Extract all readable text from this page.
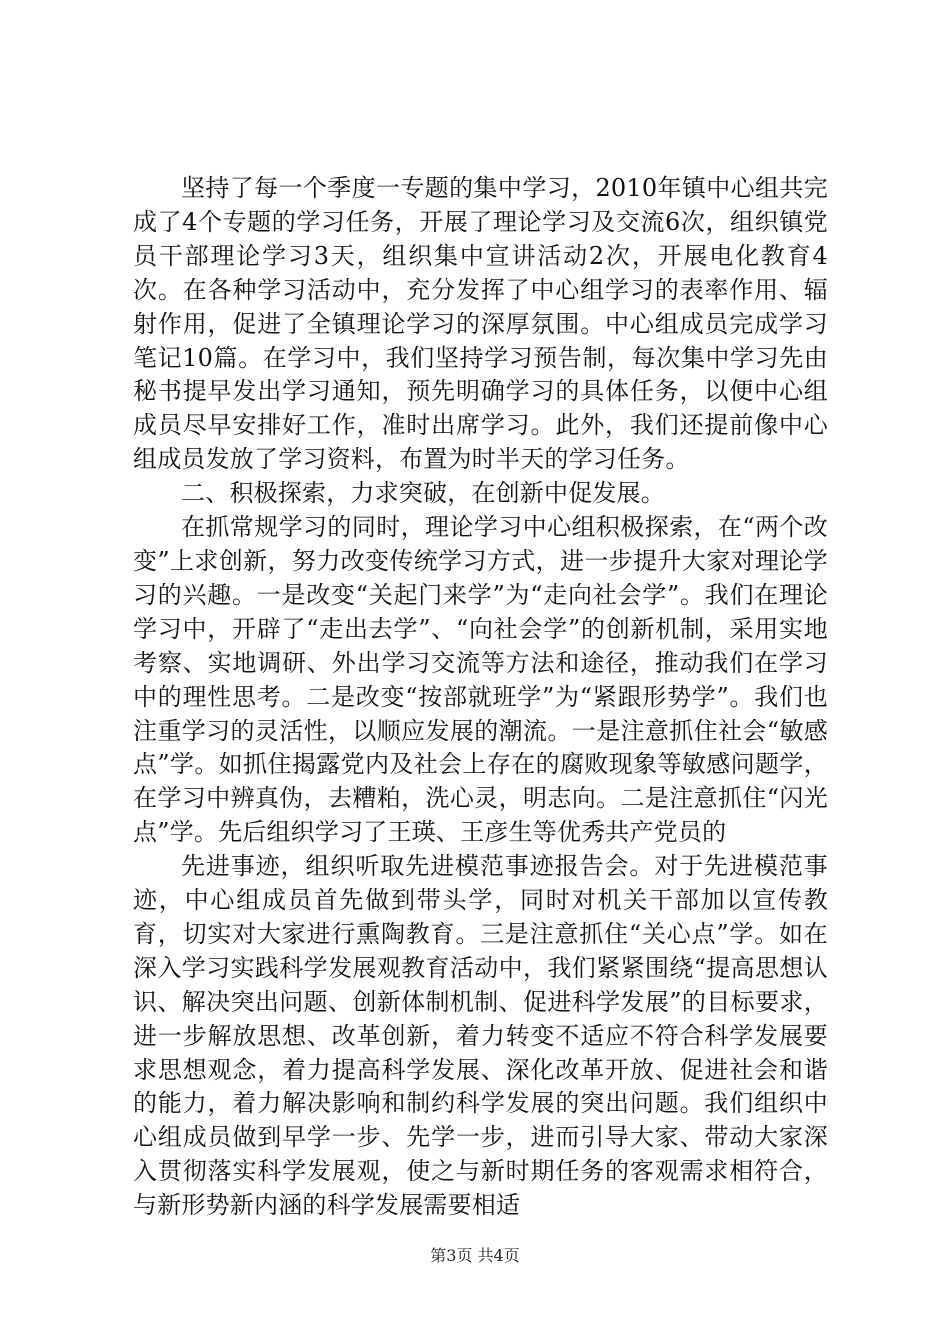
坚持了每一个季度一专题的集中学习，2010年镇中心组共完成了4个专题的学习任务，开展了理论学习及交流6次，组织镇党员干部理论学习3天，组织集中宣讲活动2次，开展电化教育4次。在各种学习活动中，充分发挥了中心组学习的表率作用、辐射作用，促进了全镇理论学习的深厚氛围。中心组成员完成学习笔记10篇。在学习中，我们坚持学习预告制，每次集中学习先由秘书提早发出学习通知，预先明确学习的具体任务，以便中心组成员尽早安排好工作，准时出席学习。此外，我们还提前像中心组成员发放了学习资料，布置为时半天的学习任务。

二、积极探索，力求突破，在创新中促发展。

在抓常规学习的同时，理论学习中心组积极探索，在“两个改变”上求创新，努力改变传统学习方式，进一步提升大家对理论学习的兴趣。一是改变“关起门来学”为“走向社会学”。我们在理论学习中，开辟了“走出去学”、“向社会学”的创新机制，采用实地考察、实地调研、外出学习交流等方法和途径，推动我们在学习中的理性思考。二是改变“按部就班学”为“紧跟形势学”。我们也注重学习的灵活性，以顺应发展的潮流。一是注意抓住社会“敏感点”学。如抓住揭露党内及社会上存在的腐败现象等敏感问题学，在学习中辨真伪，去糟粕，洗心灵，明志向。二是注意抓住“闪光点”学。先后组织学习了王瑛、王彦生等优秀共产党员的

先进事迹，组织听取先进模范事迹报告会。对于先进模范事迹，中心组成员首先做到带头学，同时对机关干部加以宣传教育，切实对大家进行熏陶教育。三是注意抓住“关心点”学。如在深入学习实践科学发展观教育活动中，我们紧紧围绕“提高思想认识、解决突出问题、创新体制机制、促进科学发展”的目标要求，进一步解放思想、改革创新，着力转变不适应不符合科学发展要求思想观念，着力提高科学发展、深化改革开放、促进社会和谐的能力，着力解决影响和制约科学发展的突出问题。我们组织中心组成员做到早学一步、先学一步，进而引导大家、带动大家深入贯彻落实科学发展观，使之与新时期任务的客观需求相符合，与新形势新内涵的科学发展需要相适

第3页 共4页
